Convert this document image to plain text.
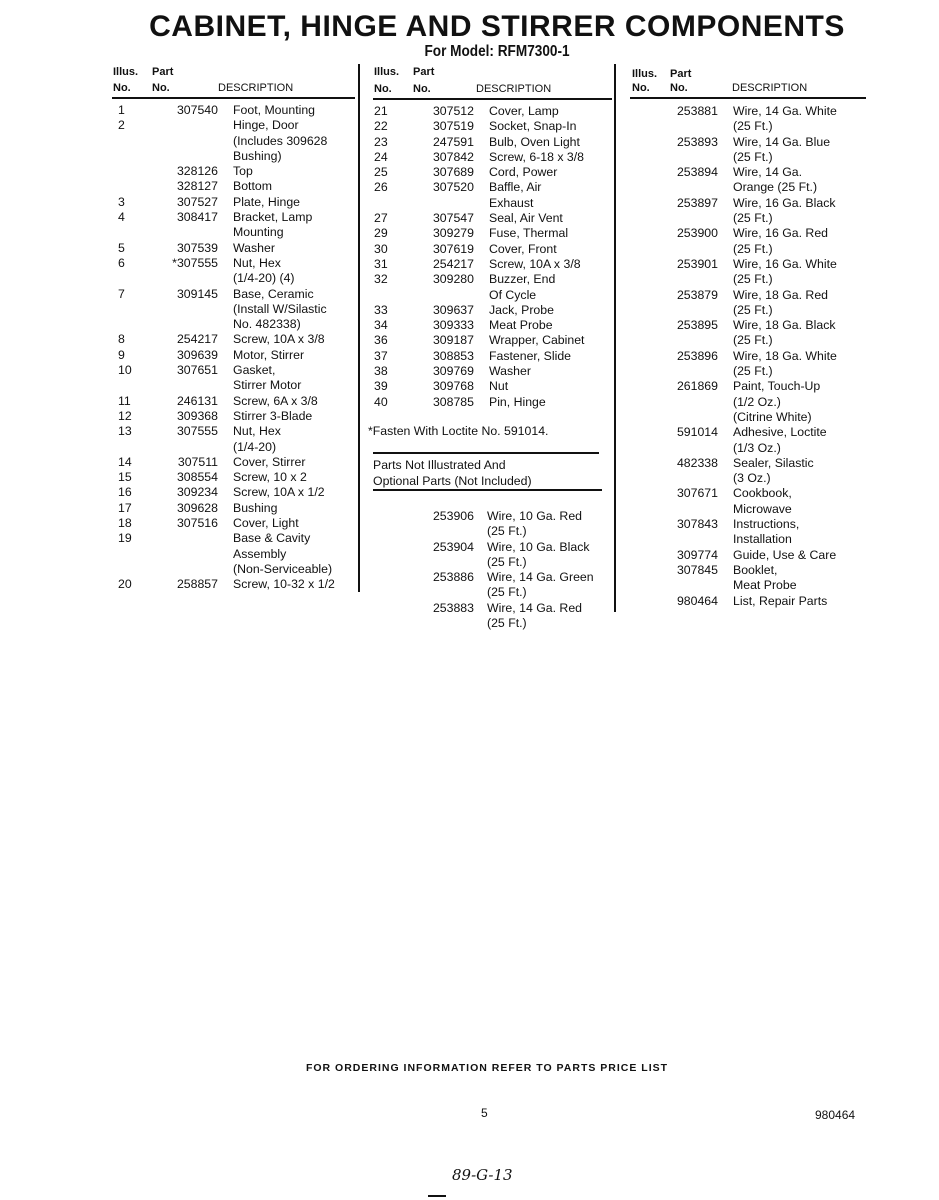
CABINET, HINGE AND STIRRER COMPONENTS
For Model: RFM7300-1
Illus. Part
No. No.	DESCRIPTION
Illus. Part
No. No.	DESCRIPTION
Illus. Part
No. No.	DESCRIPTION
1	307540 Foot, Mounting
2	Hinge, Door
(Includes 309628
Bushing)
328126 Top
328127 Bottom
3	307527 Plate, Hinge
4	308417 Bracket, Lamp
Mounting
5	307539 Washer
6	*307555 Nut, Hex
(1/4-20) (4)
7	309145 Base, Ceramic
(Install W/Silastic
No. 482338)
8	254217 Screw, 10A x 3/8
9	309639 Motor, Stirrer
10	307651 Gasket,
Stirrer Motor
11	246131 Screw, 6A x 3/8
12	309368 Stirrer 3-Blade
13	307555 Nut, Hex
(1/4-20)
14	307511 Cover, Stirrer
15	308554 Screw, 10 x 2
16	309234 Screw, 10A x 1/2
17	309628 Bushing
18	307516 Cover, Light
19	Base & Cavity
Assembly
(Non-Serviceable)
20	258857 Screw, 10-32 x 1/2
21	307512 Cover, Lamp
22	307519 Socket, Snap-In
23	247591 Bulb, Oven Light
24	307842 Screw, 6-18 x 3/8
25	307689 Cord, Power
26	307520 Baffle, Air
Exhaust
27	307547 Seal, Air Vent
29	309279 Fuse, Thermal
30	307619 Cover, Front
31	254217 Screw, 10A x 3/8
32	309280 Buzzer, End
Of Cycle
33	309637 Jack, Probe
34	309333 Meat Probe
36	309187 Wrapper, Cabinet
37	308853 Fastener, Slide
38	309769 Washer
39	309768 Nut
40	308785 Pin, Hinge
253881 Wire, 14 Ga. White
(25 Ft.)
253893 Wire, 14 Ga. Blue
(25 Ft.)
253894 Wire, 14 Ga.
Orange (25 Ft.)
253897 Wire, 16 Ga. Black
(25 Ft.)
253900 Wire, 16 Ga. Red
(25 Ft.)
253901 Wire, 16 Ga. White
(25 Ft.)
253879 Wire, 18 Ga. Red
(25 Ft.)
253895 Wire, 18 Ga. Black
(25 Ft.)
253896 Wire, 18 Ga. White
(25 Ft.)
261869 Paint, Touch-Up
(1/2 Oz.)
(Citrine White)
591014 Adhesive, Loctite
(1/3 Oz.)
482338 Sealer, Silastic
(3 Oz.)
307671 Cookbook,
Microwave
307843 Instructions,
Installation
309774 Guide, Use & Care
307845 Booklet,
Meat Probe
980464 List, Repair Parts
*Fasten With Loctite No. 591014.
Parts Not Illustrated And
Optional Parts (Not Included)
253906 Wire, 10 Ga. Red
(25 Ft.)
253904 Wire, 10 Ga. Black
(25 Ft.)
253886 Wire, 14 Ga. Green
(25 Ft.)
253883 Wire, 14 Ga. Red
(25 Ft.)
FOR ORDERING INFORMATION REFER TO PARTS PRICE LIST
5	980464
89-G-13
